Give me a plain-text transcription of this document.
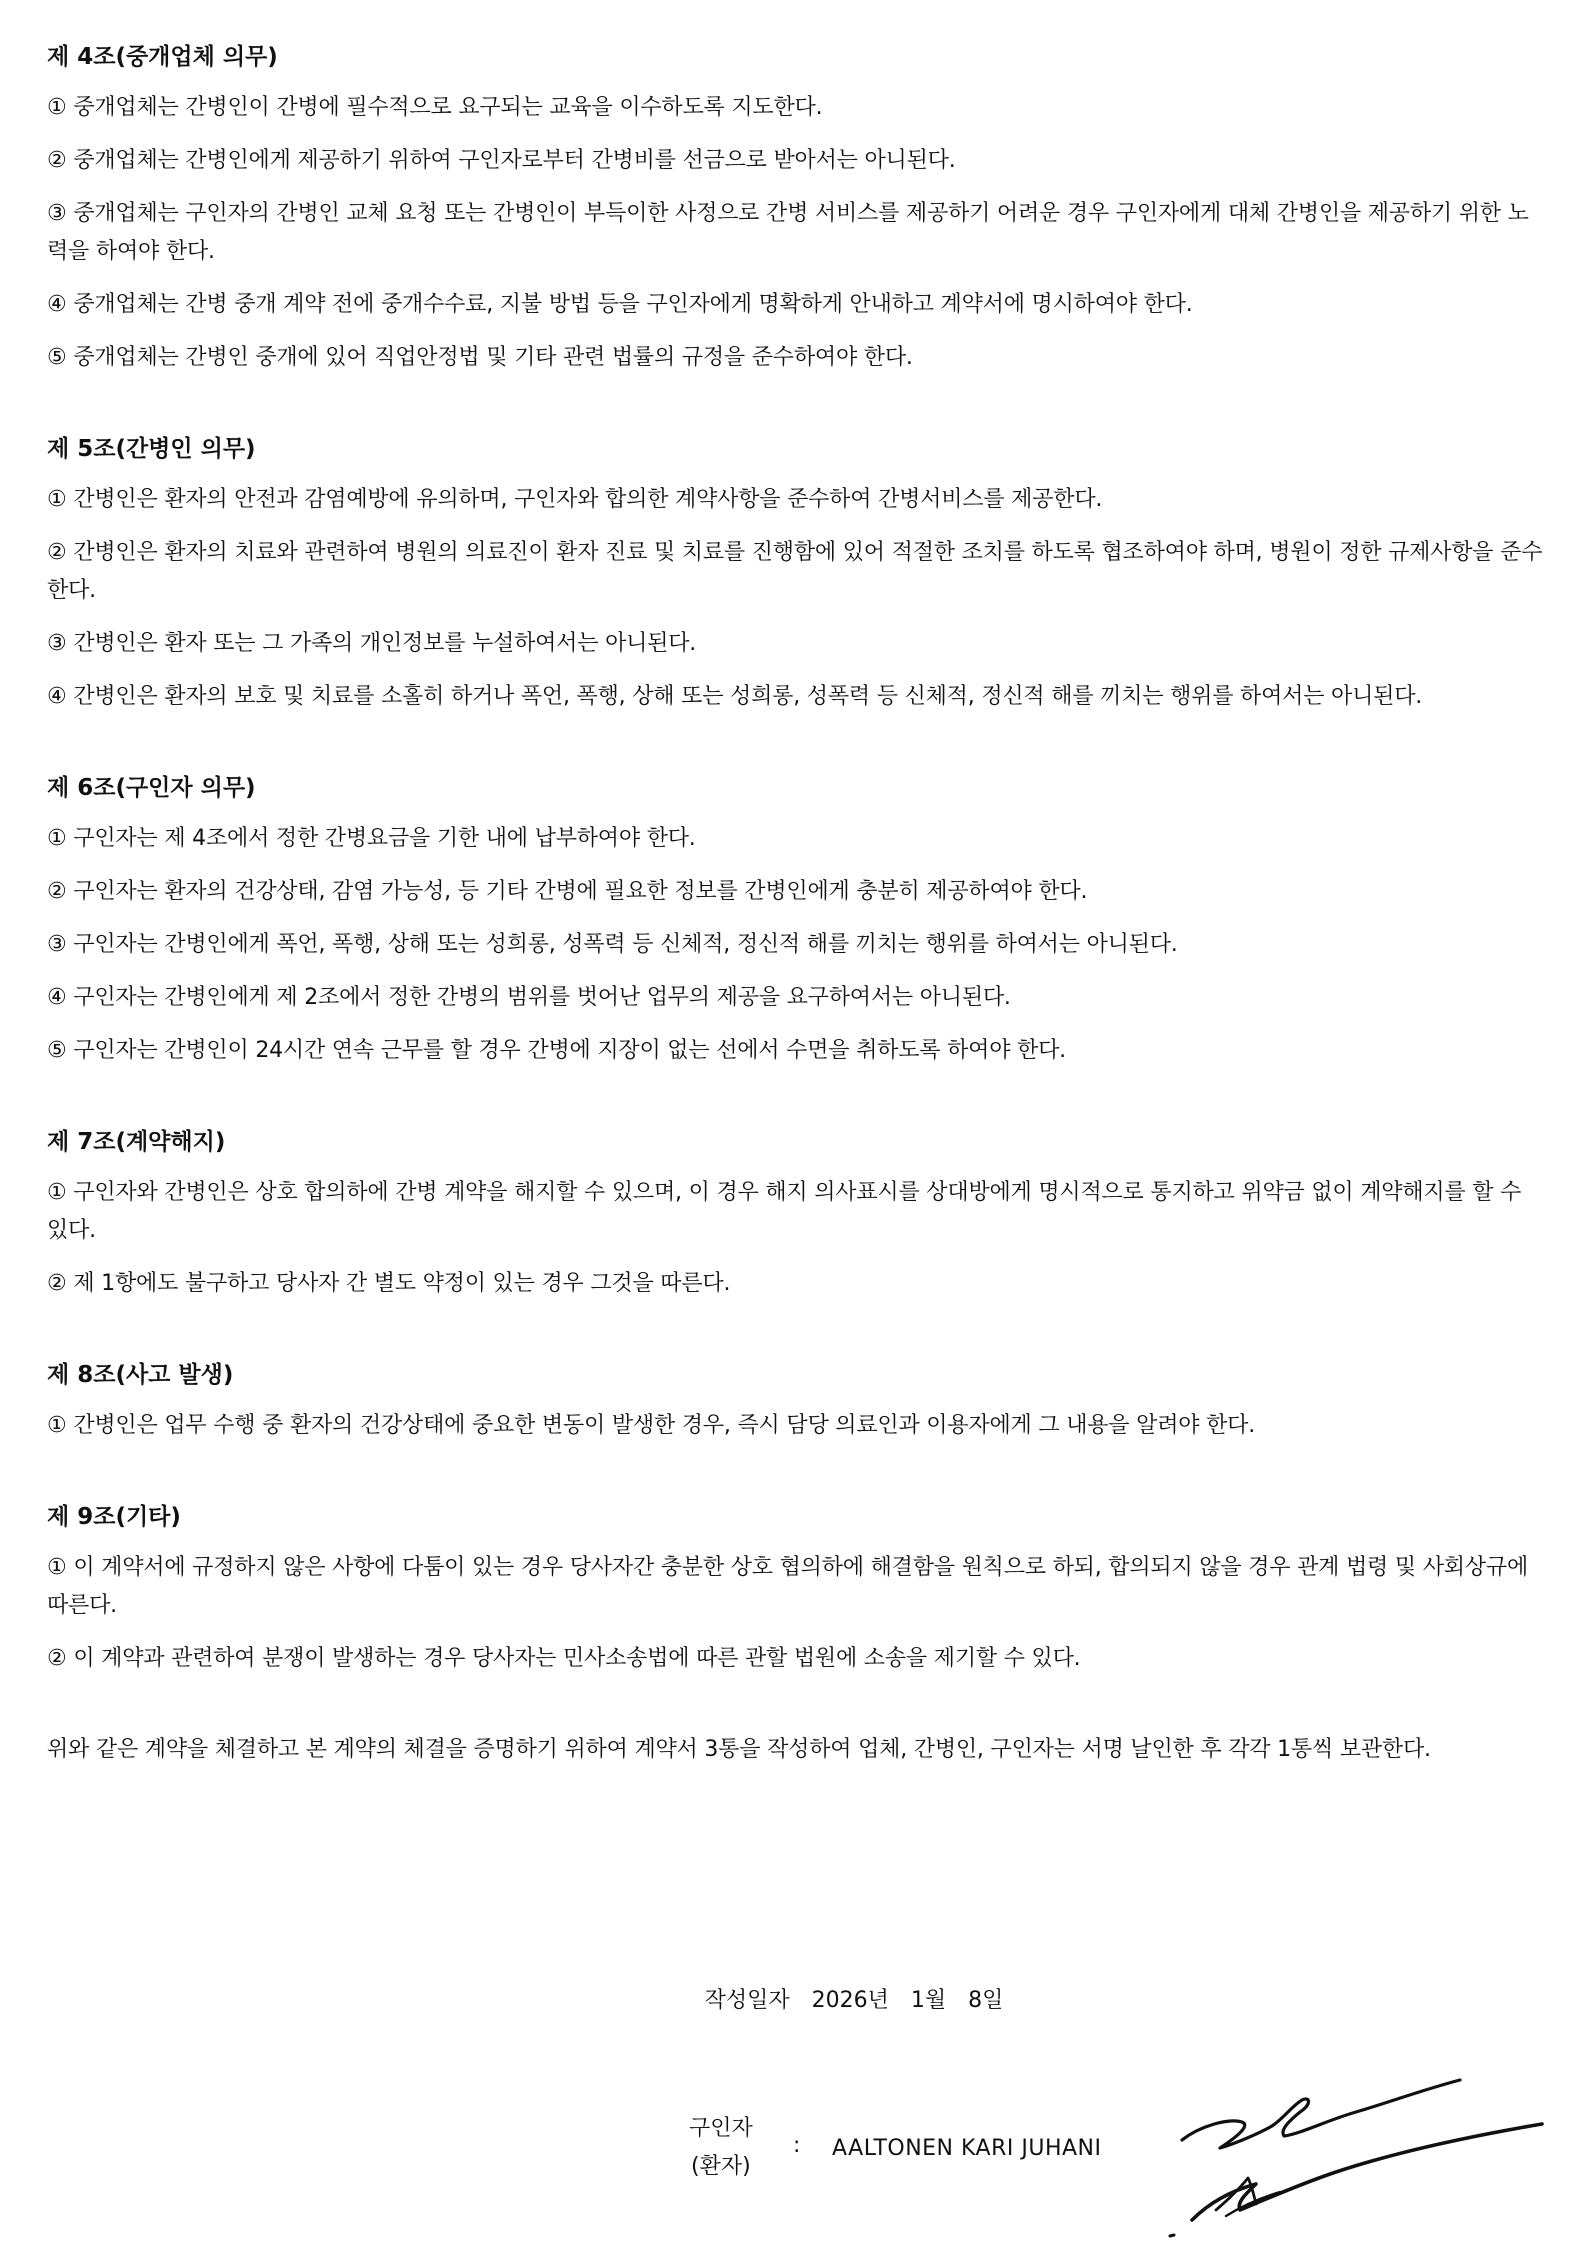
제 4조(중개업체 의무)

① 중개업체는 간병인이 간병에 필수적으로 요구되는 교육을 이수하도록 지도한다.

② 중개업체는 간병인에게 제공하기 위하여 구인자로부터 간병비를 선금으로 받아서는 아니된다.

③ 중개업체는 구인자의 간병인 교체 요청 또는 간병인이 부득이한 사정으로 간병 서비스를 제공하기 어려운 경우 구인자에게 대체 간병인을 제공하기 위한 노력을 하여야 한다.

④ 중개업체는 간병 중개 계약 전에 중개수수료, 지불 방법 등을 구인자에게 명확하게 안내하고 계약서에 명시하여야 한다.

⑤ 중개업체는 간병인 중개에 있어 직업안정법 및 기타 관련 법률의 규정을 준수하여야 한다.

제 5조(간병인 의무)

① 간병인은 환자의 안전과 감염예방에 유의하며, 구인자와 합의한 계약사항을 준수하여 간병서비스를 제공한다.

② 간병인은 환자의 치료와 관련하여 병원의 의료진이 환자 진료 및 치료를 진행함에 있어 적절한 조치를 하도록 협조하여야 하며, 병원이 정한 규제사항을 준수한다.

③ 간병인은 환자 또는 그 가족의 개인정보를 누설하여서는 아니된다.

④ 간병인은 환자의 보호 및 치료를 소홀히 하거나 폭언, 폭행, 상해 또는 성희롱, 성폭력 등 신체적, 정신적 해를 끼치는 행위를 하여서는 아니된다.

제 6조(구인자 의무)

① 구인자는 제 4조에서 정한 간병요금을 기한 내에 납부하여야 한다.

② 구인자는 환자의 건강상태, 감염 가능성, 등 기타 간병에 필요한 정보를 간병인에게 충분히 제공하여야 한다.

③ 구인자는 간병인에게 폭언, 폭행, 상해 또는 성희롱, 성폭력 등 신체적, 정신적 해를 끼치는 행위를 하여서는 아니된다.

④ 구인자는 간병인에게 제 2조에서 정한 간병의 범위를 벗어난 업무의 제공을 요구하여서는 아니된다.

⑤ 구인자는 간병인이 24시간 연속 근무를 할 경우 간병에 지장이 없는 선에서 수면을 취하도록 하여야 한다.

제 7조(계약해지)

① 구인자와 간병인은 상호 합의하에 간병 계약을 해지할 수 있으며, 이 경우 해지 의사표시를 상대방에게 명시적으로 통지하고 위약금 없이 계약해지를 할 수 있다.

② 제 1항에도 불구하고 당사자 간 별도 약정이 있는 경우 그것을 따른다.

제 8조(사고 발생)

① 간병인은 업무 수행 중 환자의 건강상태에 중요한 변동이 발생한 경우, 즉시 담당 의료인과 이용자에게 그 내용을 알려야 한다.

제 9조(기타)

① 이 계약서에 규정하지 않은 사항에 다툼이 있는 경우 당사자간 충분한 상호 협의하에 해결함을 원칙으로 하되, 합의되지 않을 경우 관계 법령 및 사회상규에 따른다.

② 이 계약과 관련하여 분쟁이 발생하는 경우 당사자는 민사소송법에 따른 관할 법원에 소송을 제기할 수 있다.

위와 같은 계약을 체결하고 본 계약의 체결을 증명하기 위하여 계약서 3통을 작성하여 업체, 간병인, 구인자는 서명 날인한 후 각각 1통씩 보관한다.

작성일자 2026년 1월 8일
구인자
(환자)
: AALTONEN KARI JUHANI
